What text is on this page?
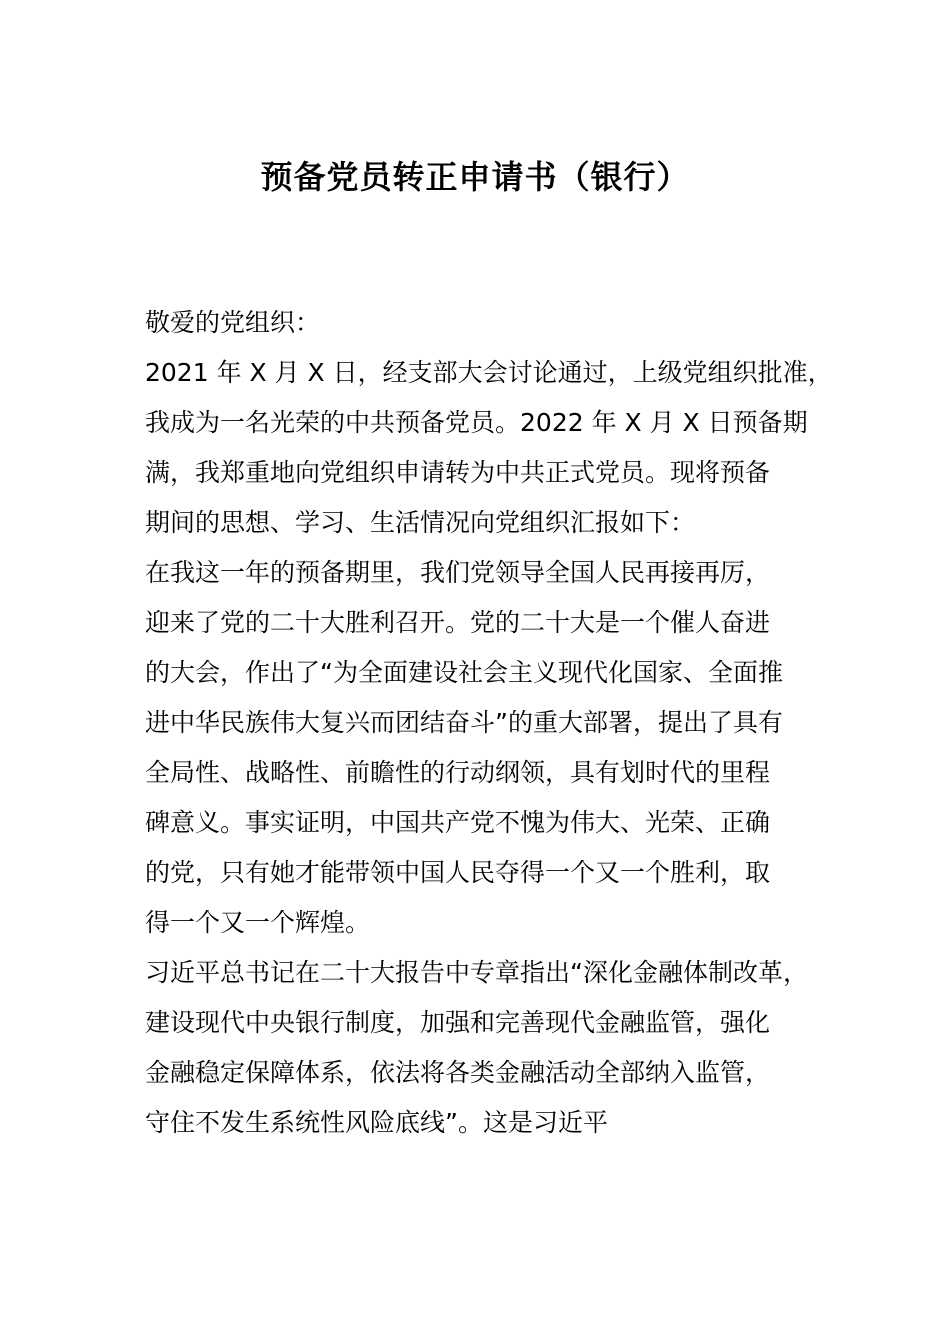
预备党员转正申请书（银行）
敬爱的党组织：
2021 年 X 月 X 日，经支部大会讨论通过，上级党组织批准，
我成为一名光荣的中共预备党员。2022 年 X 月 X 日预备期
满，我郑重地向党组织申请转为中共正式党员。现将预备
期间的思想、学习、生活情况向党组织汇报如下：
在我这一年的预备期里，我们党领导全国人民再接再厉，
迎来了党的二十大胜利召开。党的二十大是一个催人奋进
的大会，作出了“为全面建设社会主义现代化国家、全面推
进中华民族伟大复兴而团结奋斗”的重大部署，提出了具有
全局性、战略性、前瞻性的行动纲领，具有划时代的里程
碑意义。事实证明，中国共产党不愧为伟大、光荣、正确
的党，只有她才能带领中国人民夺得一个又一个胜利，取
得一个又一个辉煌。
习近平总书记在二十大报告中专章指出“深化金融体制改革，
建设现代中央银行制度，加强和完善现代金融监管，强化
金融稳定保障体系，依法将各类金融活动全部纳入监管，
守住不发生系统性风险底线”。这是习近平
